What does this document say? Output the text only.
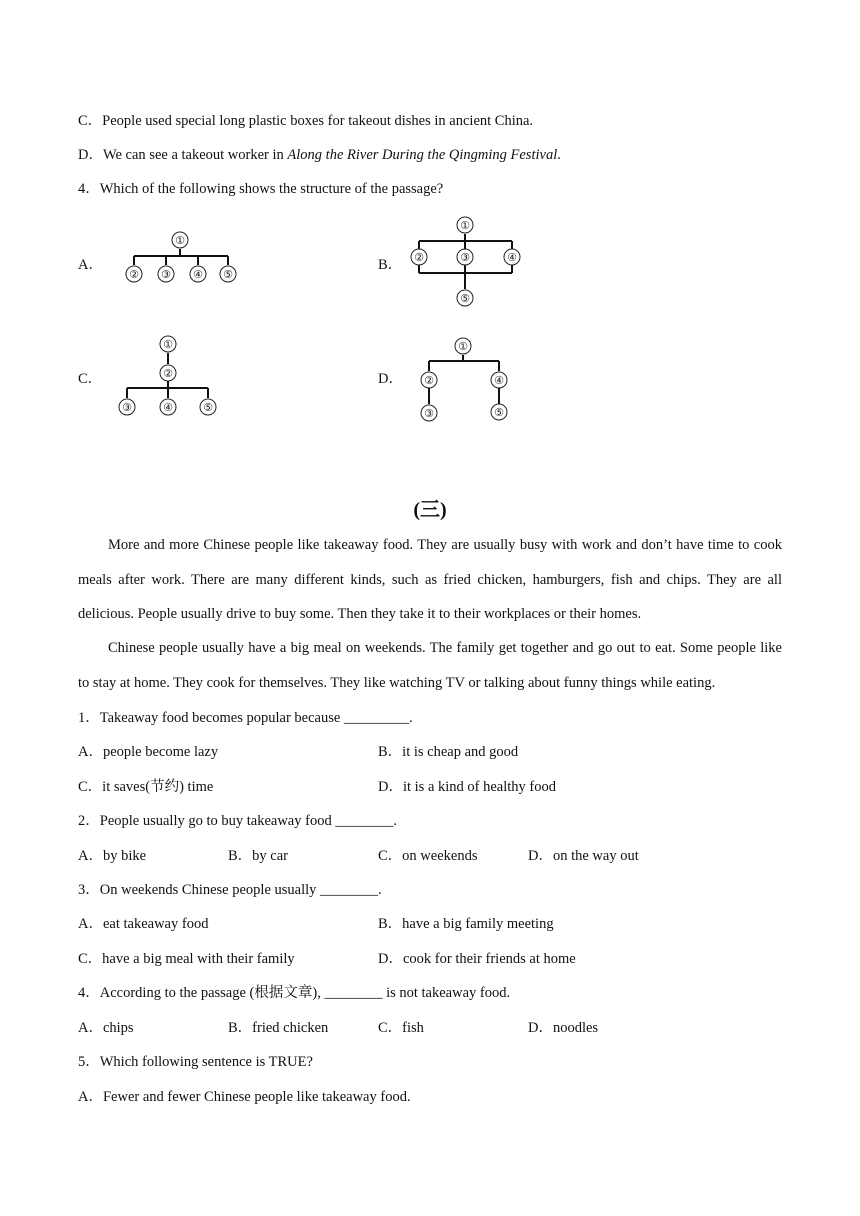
C．People used special long plastic boxes for takeout dishes in ancient China.
D．We can see a takeout worker in Along the River During the Qingming Festival.
4．Which of the following shows the structure of the passage?
A．
①
② ③ ④ ⑤
B．
①
②	③	④
⑤
C．
①
②
③	④	⑤
D．
①
②
③
④
⑤
(三)
More and more Chinese people like takeaway food. They are usually busy with work and don’t have time to cook meals after work. There are many different kinds, such as fried chicken, hamburgers, fish and chips. They are all delicious. People usually drive to buy some. Then they take it to their workplaces or their homes.
Chinese people usually have a big meal on weekends. The family get together and go out to eat. Some people like to stay at home. They cook for themselves. They like watching TV or talking about funny things while eating.
1．Takeaway food becomes popular because _________.
A．people become lazy	B．it is cheap and good
C．it saves(节约) time	D．it is a kind of healthy food
2．People usually go to buy takeaway food ________.
A．by bike	B．by car	C．on weekends	D．on the way out
3．On weekends Chinese people usually ________.
A．eat takeaway food	B．have a big family meeting
C．have a big meal with their family	D．cook for their friends at home
4．According to the passage (根据文章), ________ is not takeaway food.
A．chips	B．fried chicken	C．fish	D．noodles
5．Which following sentence is TRUE?
A．Fewer and fewer Chinese people like takeaway food.
